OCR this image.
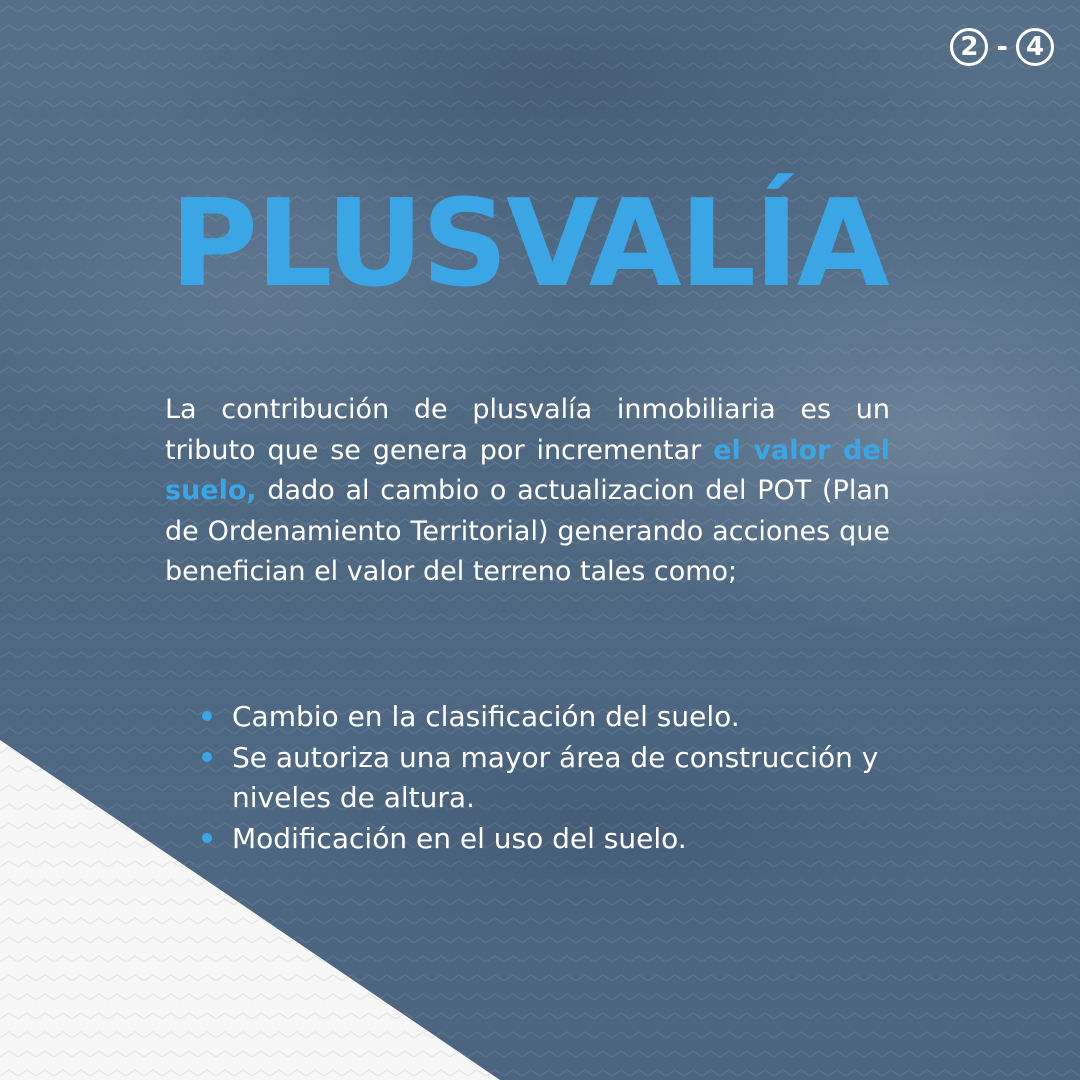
2 - 4
PLUSVALÍA

La contribución de plusvalía inmobiliaria es un tributo que se genera por incrementar el valor del suelo, dado al cambio o actualizacion del POT (Plan de Ordenamiento Territorial) generando acciones que benefician el valor del terreno tales como;

Cambio en la clasificación del suelo.
Se autoriza una mayor área de construcción y niveles de altura.
Modificación en el uso del suelo.
